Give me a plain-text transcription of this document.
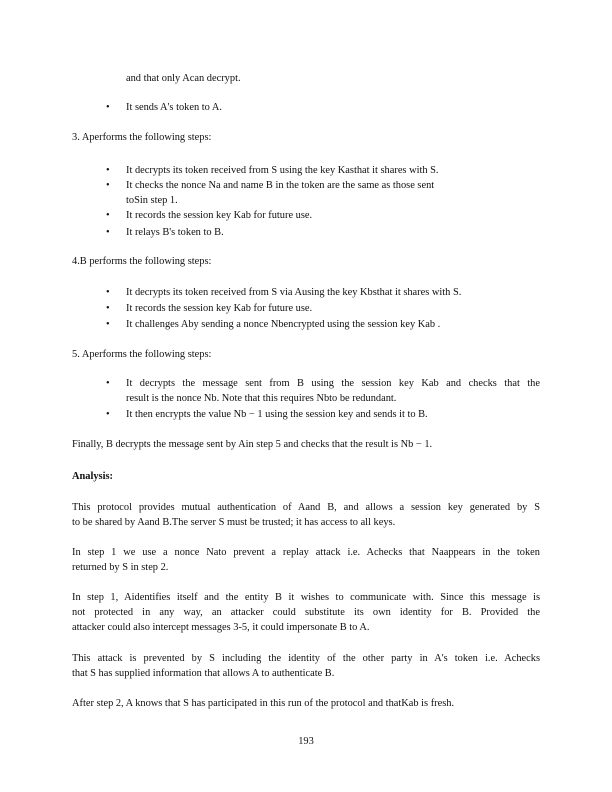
and that only Acan decrypt.
• It sends A's token to A.
3. Aperforms the following steps:
• It decrypts its token received from S using the key Kasthat it shares with S.
• It checks the nonce Na and name B in the token are the same as those sent
toSin step 1.
• It records the session key Kab for future use.
• It relays B's token to B.
4.B performs the following steps:
• It decrypts its token received from S via Ausing the key Kbsthat it shares with S.
• It records the session key Kab for future use.
• It challenges Aby sending a nonce Nbencrypted using the session key Kab .
5. Aperforms the following steps:
• It decrypts the message sent from B using the session key Kab and checks that the
result is the nonce Nb. Note that this requires Nbto be redundant.
• It then encrypts the value Nb − 1 using the session key and sends it to B.
Finally, B decrypts the message sent by Ain step 5 and checks that the result is Nb − 1.
Analysis:
This protocol provides mutual authentication of Aand B, and allows a session key generated by S
to be shared by Aand B.The server S must be trusted; it has access to all keys.
In step 1 we use a nonce Nato prevent a replay attack i.e. Achecks that Naappears in the token
returned by S in step 2.
In step 1, Aidentifies itself and the entity B it wishes to communicate with. Since this message is
not protected in any way, an attacker could substitute its own identity for B. Provided the
attacker could also intercept messages 3-5, it could impersonate B to A.
This attack is prevented by S including the identity of the other party in A's token i.e. Achecks
that S has supplied information that allows A to authenticate B.
After step 2, A knows that S has participated in this run of the protocol and thatKab is fresh.
193
